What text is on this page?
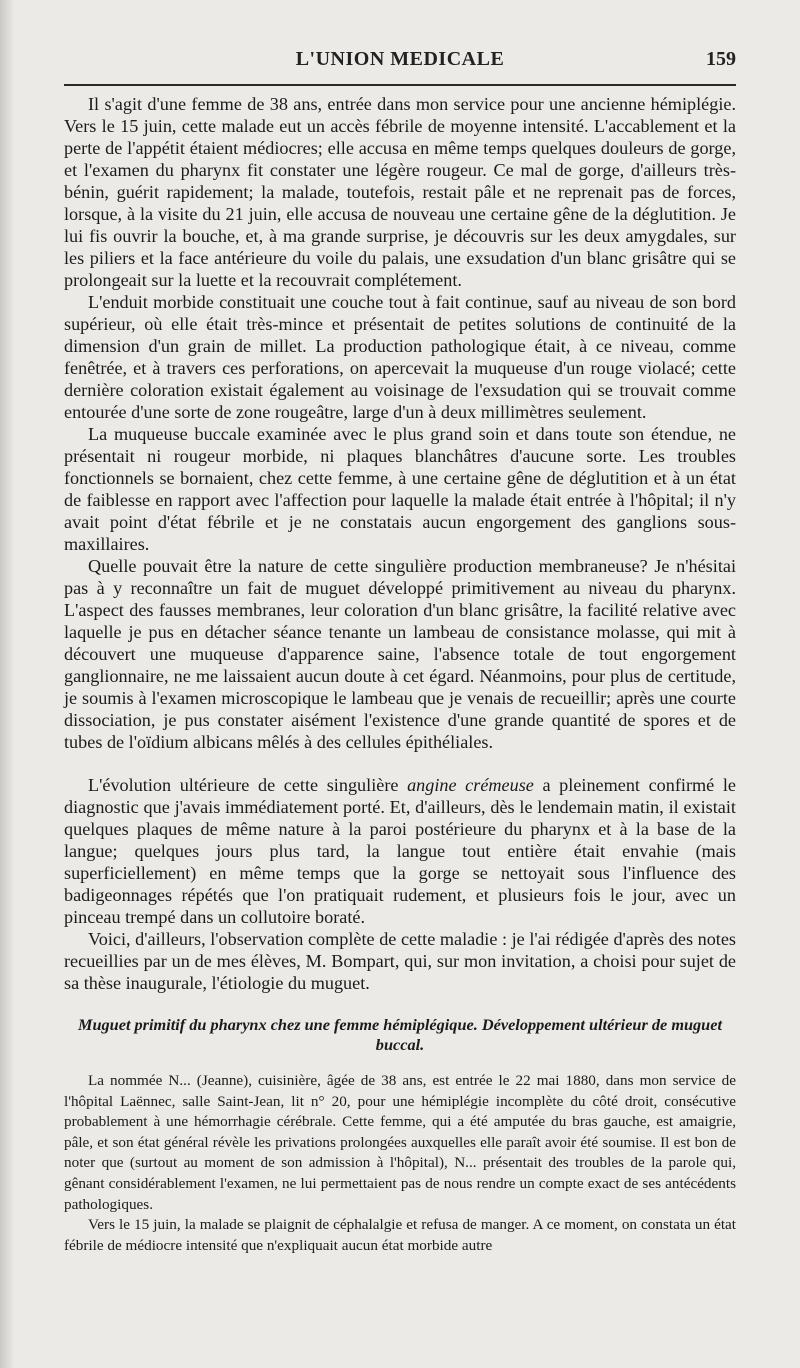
L'UNION MEDICALE	159

Il s'agit d'une femme de 38 ans, entrée dans mon service pour une ancienne hémiplégie. Vers le 15 juin, cette malade eut un accès fébrile de moyenne intensité. L'accablement et la perte de l'appétit étaient médiocres; elle accusa en même temps quelques douleurs de gorge, et l'examen du pharynx fit constater une légère rougeur. Ce mal de gorge, d'ailleurs très-bénin, guérit rapidement; la malade, toutefois, restait pâle et ne reprenait pas de forces, lorsque, à la visite du 21 juin, elle accusa de nouveau une certaine gêne de la déglutition. Je lui fis ouvrir la bouche, et, à ma grande surprise, je découvris sur les deux amygdales, sur les piliers et la face antérieure du voile du palais, une exsudation d'un blanc grisâtre qui se prolongeait sur la luette et la recouvrait complétement.

L'enduit morbide constituait une couche tout à fait continue, sauf au niveau de son bord supérieur, où elle était très-mince et présentait de petites solutions de continuité de la dimension d'un grain de millet. La production pathologique était, à ce niveau, comme fenêtrée, et à travers ces perforations, on apercevait la muqueuse d'un rouge violacé; cette dernière coloration existait également au voisinage de l'exsudation qui se trouvait comme entourée d'une sorte de zone rougeâtre, large d'un à deux millimètres seulement.

La muqueuse buccale examinée avec le plus grand soin et dans toute son étendue, ne présentait ni rougeur morbide, ni plaques blanchâtres d'aucune sorte. Les troubles fonctionnels se bornaient, chez cette femme, à une certaine gêne de déglutition et à un état de faiblesse en rapport avec l'affection pour laquelle la malade était entrée à l'hôpital; il n'y avait point d'état fébrile et je ne constatais aucun engorgement des ganglions sous-maxillaires.

Quelle pouvait être la nature de cette singulière production membraneuse? Je n'hésitai pas à y reconnaître un fait de muguet développé primitivement au niveau du pharynx. L'aspect des fausses membranes, leur coloration d'un blanc grisâtre, la facilité relative avec laquelle je pus en détacher séance tenante un lambeau de consistance molasse, qui mit à découvert une muqueuse d'apparence saine, l'absence totale de tout engorgement ganglionnaire, ne me laissaient aucun doute à cet égard. Néanmoins, pour plus de certitude, je soumis à l'examen microscopique le lambeau que je venais de recueillir; après une courte dissociation, je pus constater aisément l'existence d'une grande quantité de spores et de tubes de l'oïdium albicans mêlés à des cellules épithéliales.

L'évolution ultérieure de cette singulière angine crémeuse a pleinement confirmé le diagnostic que j'avais immédiatement porté. Et, d'ailleurs, dès le lendemain matin, il existait quelques plaques de même nature à la paroi postérieure du pharynx et à la base de la langue; quelques jours plus tard, la langue tout entière était envahie (mais superficiellement) en même temps que la gorge se nettoyait sous l'influence des badigeonnages répétés que l'on pratiquait rudement, et plusieurs fois le jour, avec un pinceau trempé dans un collutoire boraté.

Voici, d'ailleurs, l'observation complète de cette maladie : je l'ai rédigée d'après des notes recueillies par un de mes élèves, M. Bompart, qui, sur mon invitation, a choisi pour sujet de sa thèse inaugurale, l'étiologie du muguet.

Muguet primitif du pharynx chez une femme hémiplégique. Développement ultérieur de muguet buccal.

La nommée N... (Jeanne), cuisinière, âgée de 38 ans, est entrée le 22 mai 1880, dans mon service de l'hôpital Laënnec, salle Saint-Jean, lit n° 20, pour une hémiplégie incomplète du côté droit, consécutive probablement à une hémorrhagie cérébrale. Cette femme, qui a été amputée du bras gauche, est amaigrie, pâle, et son état général révèle les privations prolongées auxquelles elle paraît avoir été soumise. Il est bon de noter que (surtout au moment de son admission à l'hôpital), N... présentait des troubles de la parole qui, gênant considérablement l'examen, ne lui permettaient pas de nous rendre un compte exact de ses antécédents pathologiques.

Vers le 15 juin, la malade se plaignit de céphalalgie et refusa de manger. A ce moment, on constata un état fébrile de médiocre intensité que n'expliquait aucun état morbide autre
